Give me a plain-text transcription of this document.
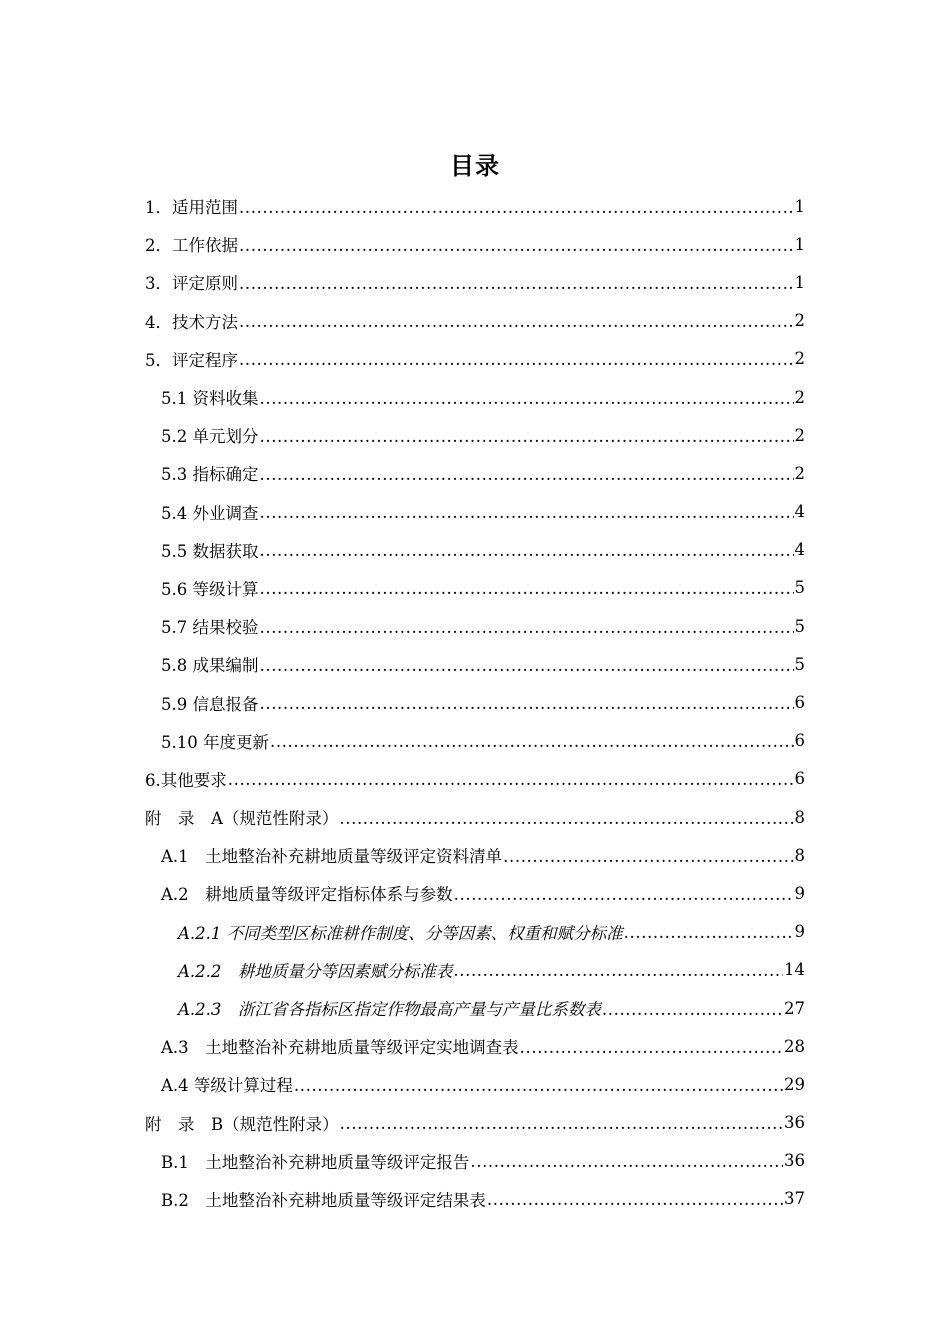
目录
1．适用范围 .....	1
2．工作依据 .....	1
3．评定原则 .....	1
4．技术方法 .....	2
5．评定程序 .....	2
5.1 资料收集 .....	2
5.2 单元划分 .....	2
5.3 指标确定 .....	2
5.4 外业调查 .....	4
5.5 数据获取 .....	4
5.6 等级计算 .....	5
5.7 结果校验 .....	5
5.8 成果编制 .....	5
5.9 信息报备 .....	6
5.10 年度更新 .....	6
6.其他要求 .....	6
附　录　A（规范性附录） .....	8
A.1　土地整治补充耕地质量等级评定资料清单 .....	8
A.2　耕地质量等级评定指标体系与参数 .....	9
A.2.1 不同类型区标准耕作制度、分等因素、权重和赋分标准 .....	9
A.2.2　耕地质量分等因素赋分标准表 .....	14
A.2.3　浙江省各指标区指定作物最高产量与产量比系数表 .....	27
A.3　土地整治补充耕地质量等级评定实地调查表 .....	28
A.4 等级计算过程 .....	29
附　录　B（规范性附录） .....	36
B.1　土地整治补充耕地质量等级评定报告 .....	36
B.2　土地整治补充耕地质量等级评定结果表 .....	37
